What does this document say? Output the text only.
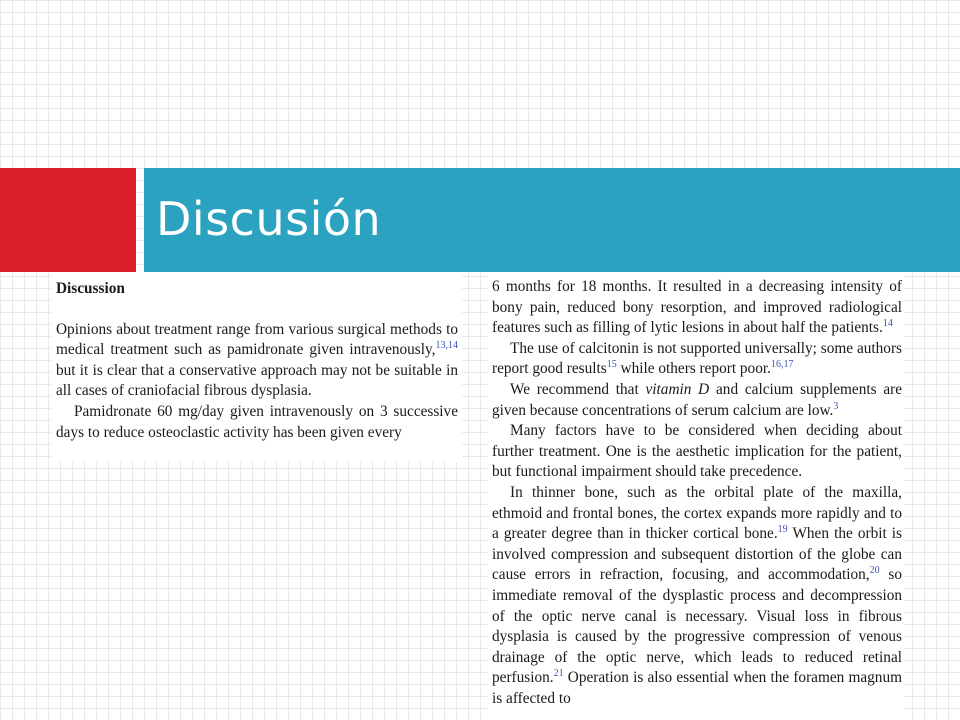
Discusión
Discussion

Opinions about treatment range from various surgical methods to medical treatment such as pamidronate given intravenously,$^{13,14}$ but it is clear that a conservative approach may not be suitable in all cases of craniofacial fibrous dysplasia.

Pamidronate 60 mg/day given intravenously on 3 successive days to reduce osteoclastic activity has been given every

6 months for 18 months. It resulted in a decreasing intensity of bony pain, reduced bony resorption, and improved radiological features such as filling of lytic lesions in about half the patients.$^{14}$

The use of calcitonin is not supported universally; some authors report good results$^{15}$ while others report poor.$^{16,17}$

We recommend that vitamin D and calcium supplements are given because concentrations of serum calcium are low.$^3$

Many factors have to be considered when deciding about further treatment. One is the aesthetic implication for the patient, but functional impairment should take precedence.

In thinner bone, such as the orbital plate of the maxilla, ethmoid and frontal bones, the cortex expands more rapidly and to a greater degree than in thicker cortical bone.$^{19}$ When the orbit is involved compression and subsequent distortion of the globe can cause errors in refraction, focusing, and accommodation,$^{20}$ so immediate removal of the dysplastic process and decompression of the optic nerve canal is necessary. Visual loss in fibrous dysplasia is caused by the progressive compression of venous drainage of the optic nerve, which leads to reduced retinal perfusion.$^{21}$ Operation is also essential when the foramen magnum is affected to
